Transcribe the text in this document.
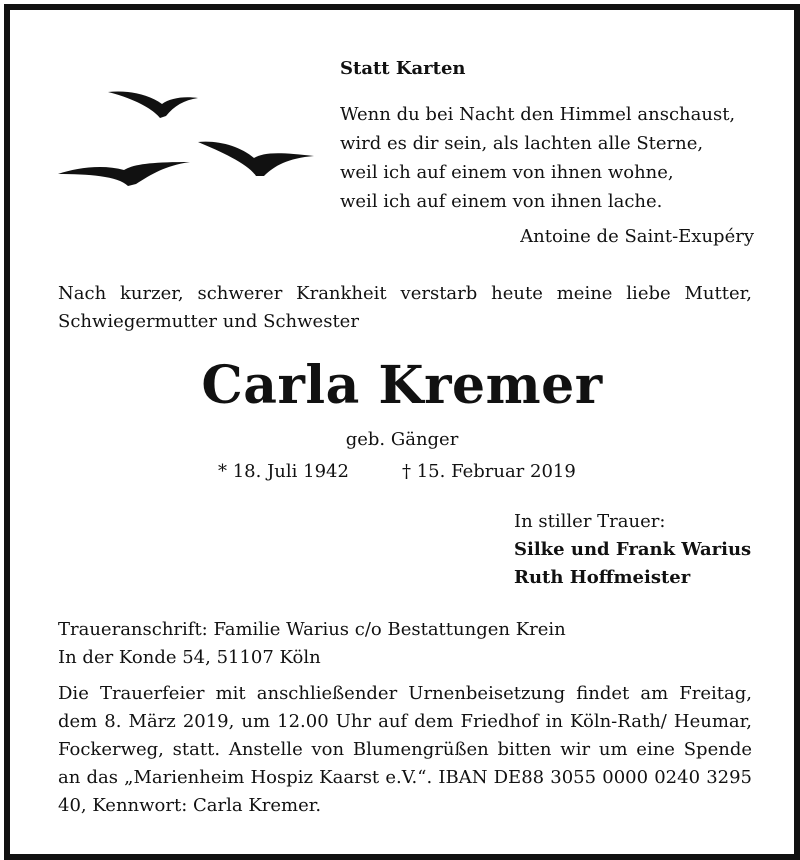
Statt Karten
Wenn du bei Nacht den Himmel anschaust,
wird es dir sein, als lachten alle Sterne,
weil ich auf einem von ihnen wohne,
weil ich auf einem von ihnen lache.
Antoine de Saint-Exupéry
Nach kurzer, schwerer Krankheit verstarb heute meine liebe Mutter, Schwiegermutter und Schwester
Carla Kremer
geb. Gänger
* 18. Juli 1942	† 15. Februar 2019
In stiller Trauer:
Silke und Frank Warius
Ruth Hoffmeister
Traueranschrift: Familie Warius c/o Bestattungen Krein
In der Konde 54, 51107 Köln
Die Trauerfeier mit anschließender Urnenbeisetzung findet am Freitag, dem 8. März 2019, um 12.00 Uhr auf dem Friedhof in Köln-Rath/ Heumar, Fockerweg, statt. Anstelle von Blumengrüßen bitten wir um eine Spende an das „Marienheim Hospiz Kaarst e.V.“. IBAN DE88 3055 0000 0240 3295 40, Kennwort: Carla Kremer.
